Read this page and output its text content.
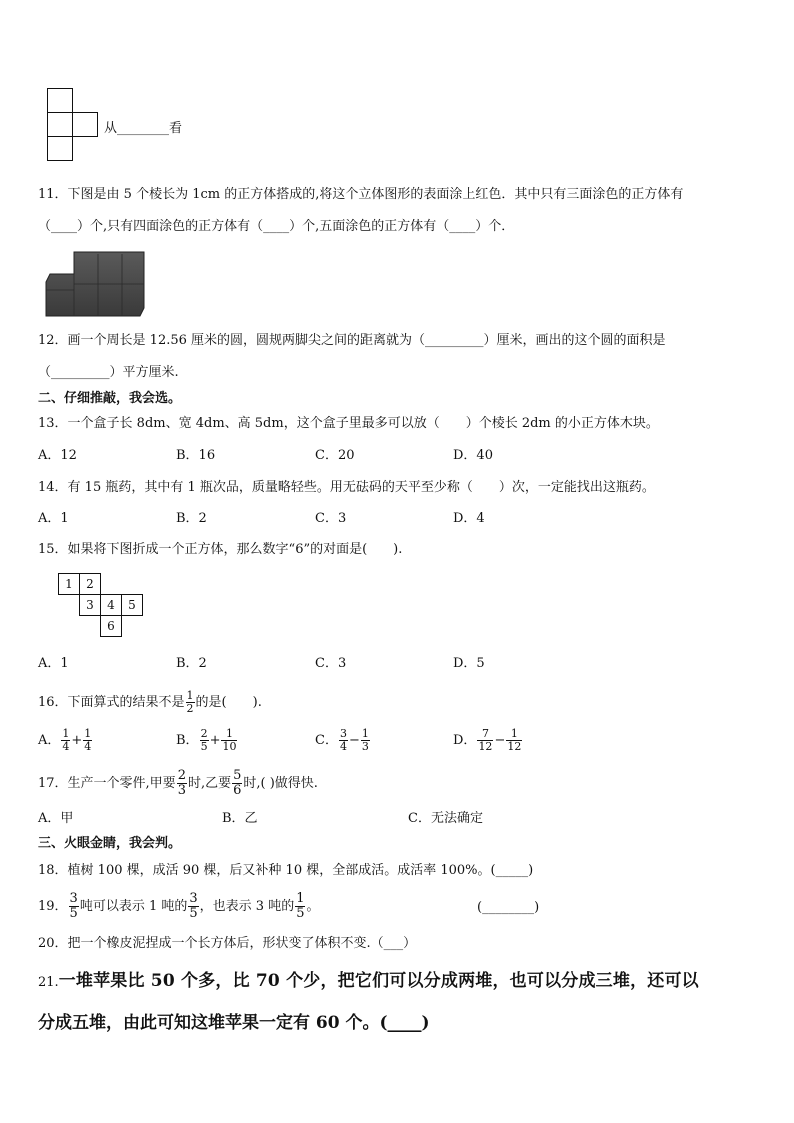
从________看
11．下图是由 5 个棱长为 1cm 的正方体搭成的,将这个立体图形的表面涂上红色．其中只有三面涂色的正方体有
（____）个,只有四面涂色的正方体有（____）个,五面涂色的正方体有（____）个．
12．画一个周长是 12.56 厘米的圆，圆规两脚尖之间的距离就为（_________）厘米，画出的这个圆的面积是
（_________）平方厘米.
二、仔细推敲，我会选。
13．一个盒子长 8dm、宽 4dm、高 5dm，这个盒子里最多可以放（　　）个棱长 2dm 的小正方体木块。
A．12	B．16	C．20	D．40
14．有 15 瓶药，其中有 1 瓶次品，质量略轻些。用无砝码的天平至少称（　　）次，一定能找出这瓶药。
A．1	B．2	C．3	D．4
15．如果将下图折成一个正方体，那么数字“6”的对面是(　　).
1	2
3	4	5
6
A．1	B．2	C．3	D．5
16．下面算式的结果不是 $\frac{1}{2}$ 的是(　　).
A． $\frac{1}{4} + \frac{1}{4}$	B． $\frac{2}{5} + \frac{1}{10}$	C． $\frac{3}{4} - \frac{1}{3}$	D． $\frac{7}{12} - \frac{1}{12}$
17．生产一个零件,甲要 $\frac{2}{3}$ 时,乙要 $\frac{5}{6}$ 时,( )做得快.
A．甲	B．乙	C．无法确定
三、火眼金睛，我会判。
18．植树 100 棵，成活 90 棵，后又补种 10 棵，全部成活。成活率 100%。(_____)
19． $\frac{3}{5}$ 吨可以表示 1 吨的 $\frac{3}{5}$ ，也表示 3 吨的 $\frac{1}{5}$ 。	(________)
20．把一个橡皮泥捏成一个长方体后，形状变了体积不变.（___）
21.一堆苹果比 50 个多，比 70 个少，把它们可以分成两堆，也可以分成三堆，还可以
分成五堆，由此可知这堆苹果一定有 60 个。(____)
